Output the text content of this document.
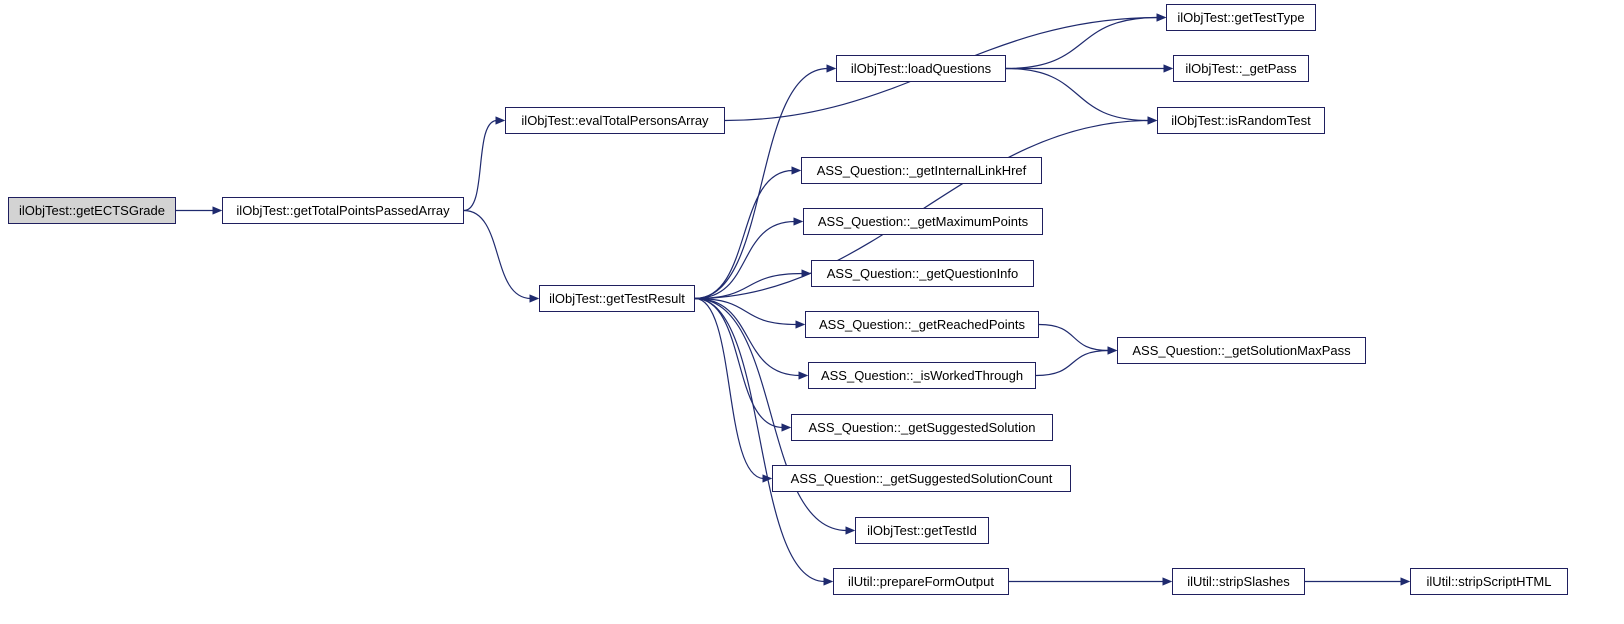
ilObjTest::getECTSGrade	ilObjTest::getTotalPointsPassedArray
ilObjTest::evalTotalPersonsArray
ilObjTest::getTestResult
ilObjTest::loadQuestions
ilObjTest::getTestType
ilObjTest::_getPass
ilObjTest::isRandomTest
ASS_Question::_getInternalLinkHref
ASS_Question::_getMaximumPoints
ASS_Question::_getQuestionInfo
ASS_Question::_getReachedPoints
ASS_Question::_isWorkedThrough
ASS_Question::_getSolutionMaxPass
ASS_Question::_getSuggestedSolution
ASS_Question::_getSuggestedSolutionCount
ilObjTest::getTestId
ilUtil::prepareFormOutput	ilUtil::stripSlashes	ilUtil::stripScriptHTML
